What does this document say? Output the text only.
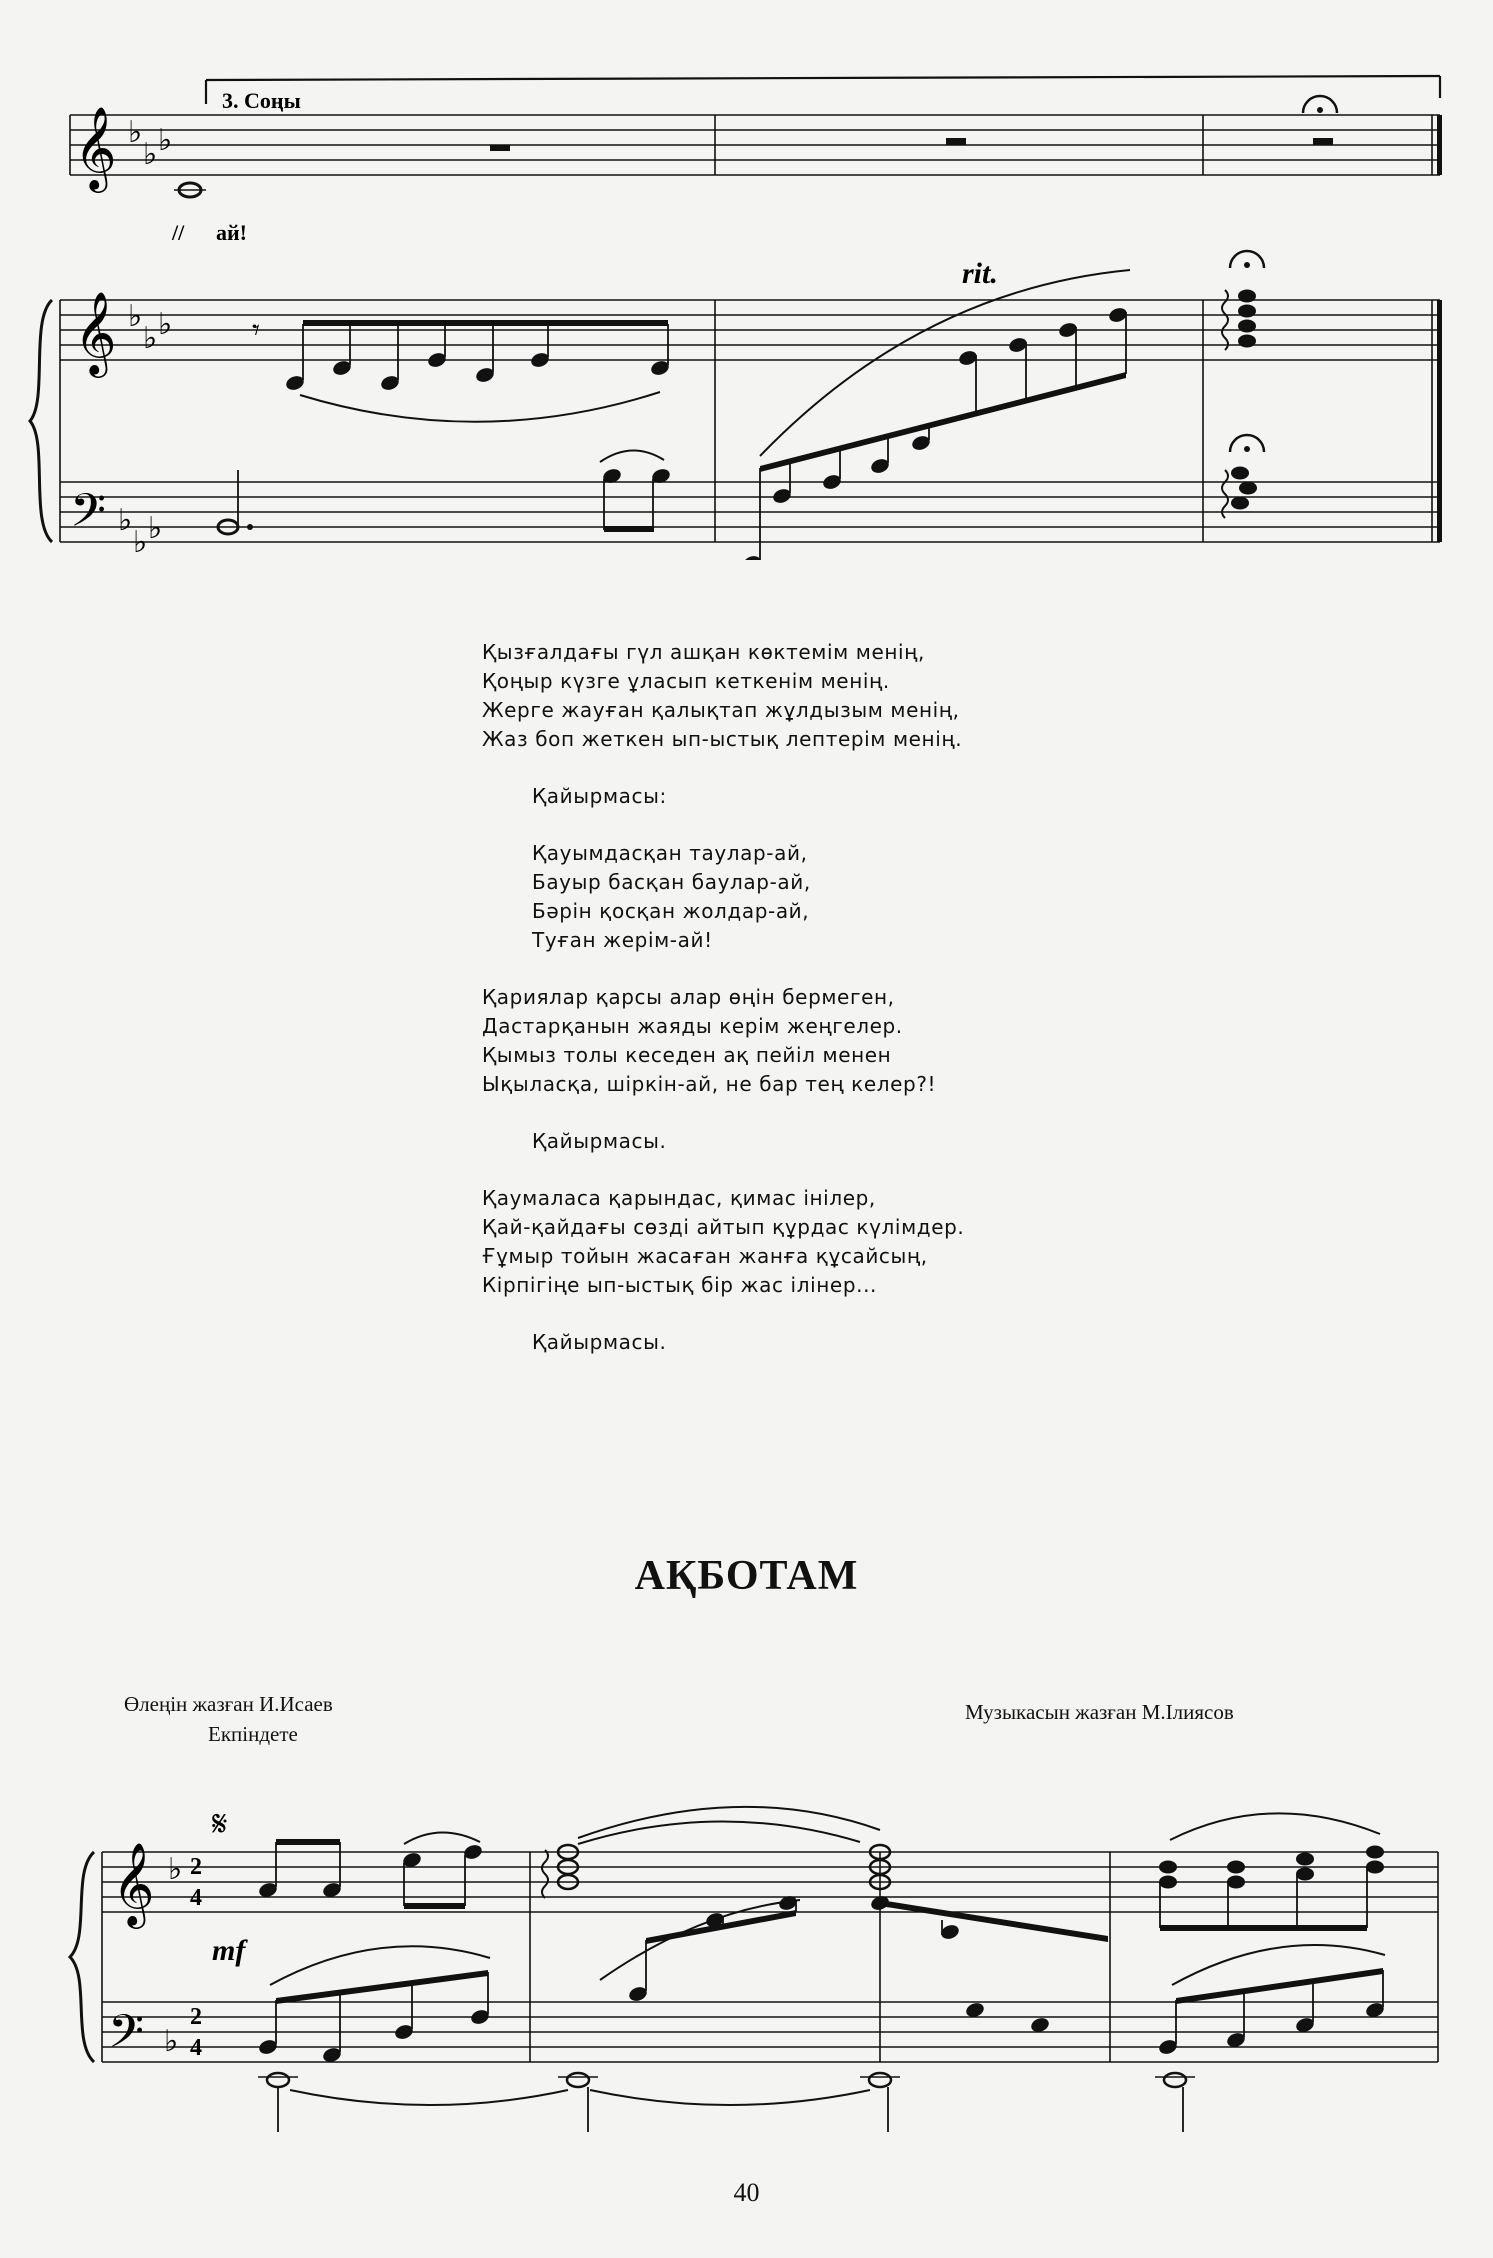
3. Соңы
𝄞
𝄞
𝄢
♭
♭ ♭
♭
♭ ♭
♭
♭ ♭
// ай!
𝄾
rit.
Қызғалдағы гүл ашқан көктемім менің,
Қоңыр күзге ұласып кеткенім менің.
Жерге жауған қалықтап жұлдызым менің,
Жаз боп жеткен ып-ыстық лептерім менің.
Қайырмасы:
Қауымдасқан таулар-ай,
Бауыр басқан баулар-ай,
Бәрін қосқан жолдар-ай,
Туған жерім-ай!
Қариялар қарсы алар өңін бермеген,
Дастарқанын жаяды керім жеңгелер.
Қымыз толы кеседен ақ пейіл менен
Ықыласқа, шіркін-ай, не бар тең келер?!
Қайырмасы.
Қаумаласа қарындас, қимас інілер,
Қай-қайдағы сөзді айтып құрдас күлімдер.
Ғұмыр тойын жасаған жанға құсайсың,
Кірпігіңе ып-ыстық бір жас ілінер...
Қайырмасы.
АҚБОТАМ
Өлеңін жазған И.Исаев	Музыкасын жазған М.Ілиясов
Екпіндете
𝄋
𝄞
𝄢
♭
♭
2
4
2
4
mf
40
